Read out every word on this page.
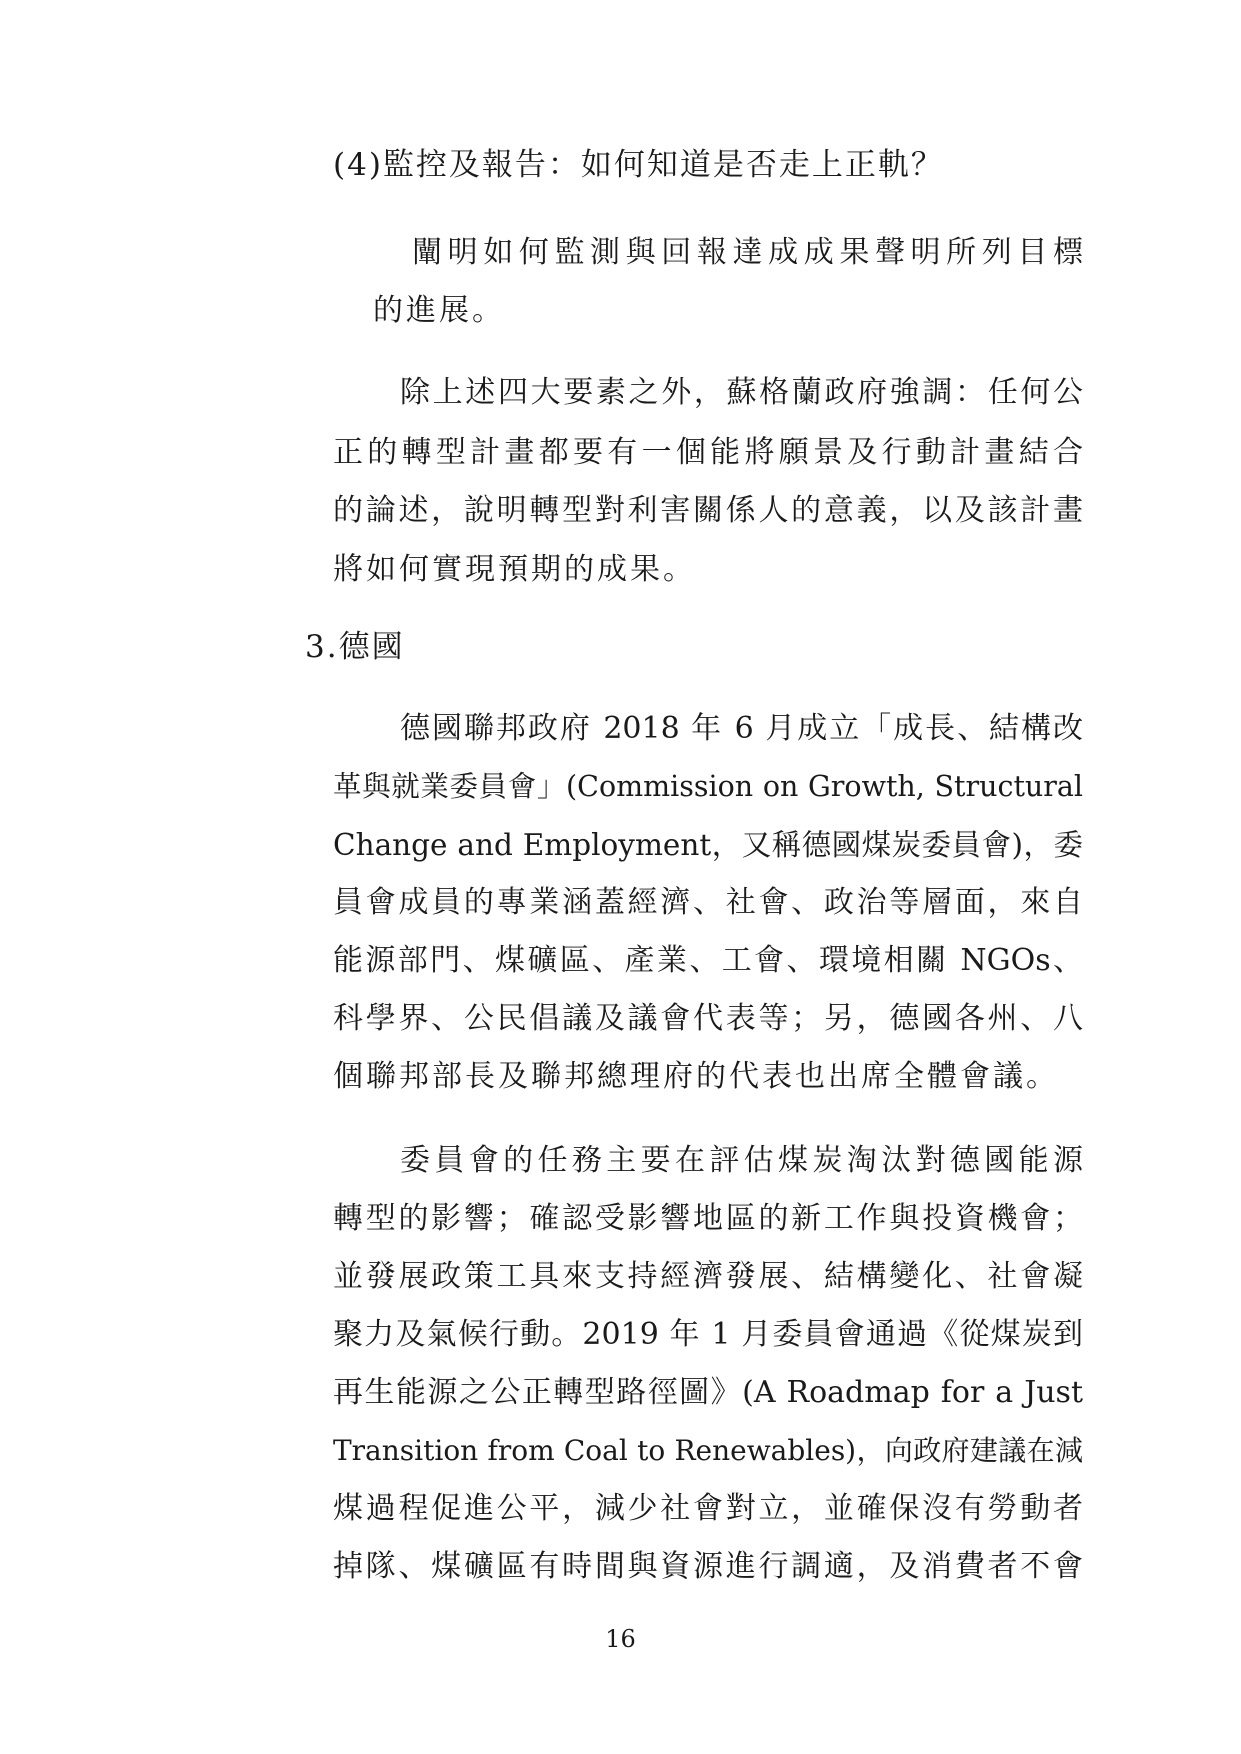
(4)監控及報告：如何知道是否走上正軌？
闡明如何監測與回報達成成果聲明所列目標
的進展。
除上述四大要素之外，蘇格蘭政府強調：任何公
正的轉型計畫都要有一個能將願景及行動計畫結合
的論述，說明轉型對利害關係人的意義，以及該計畫
將如何實現預期的成果。
3.德國
德國聯邦政府 2018 年 6 月成立「成長、結構改
革與就業委員會」(Commission on Growth, Structural
Change and Employment，又稱德國煤炭委員會)，委
員會成員的專業涵蓋經濟、社會、政治等層面，來自
能源部門、煤礦區、產業、工會、環境相關 NGOs、
科學界、公民倡議及議會代表等；另，德國各州、八
個聯邦部長及聯邦總理府的代表也出席全體會議。
委員會的任務主要在評估煤炭淘汰對德國能源
轉型的影響；確認受影響地區的新工作與投資機會；
並發展政策工具來支持經濟發展、結構變化、社會凝
聚力及氣候行動。2019 年 1 月委員會通過《從煤炭到
再生能源之公正轉型路徑圖》(A Roadmap for a Just
Transition from Coal to Renewables)，向政府建議在減
煤過程促進公平，減少社會對立，並確保沒有勞動者
掉隊、煤礦區有時間與資源進行調適，及消費者不會
16
